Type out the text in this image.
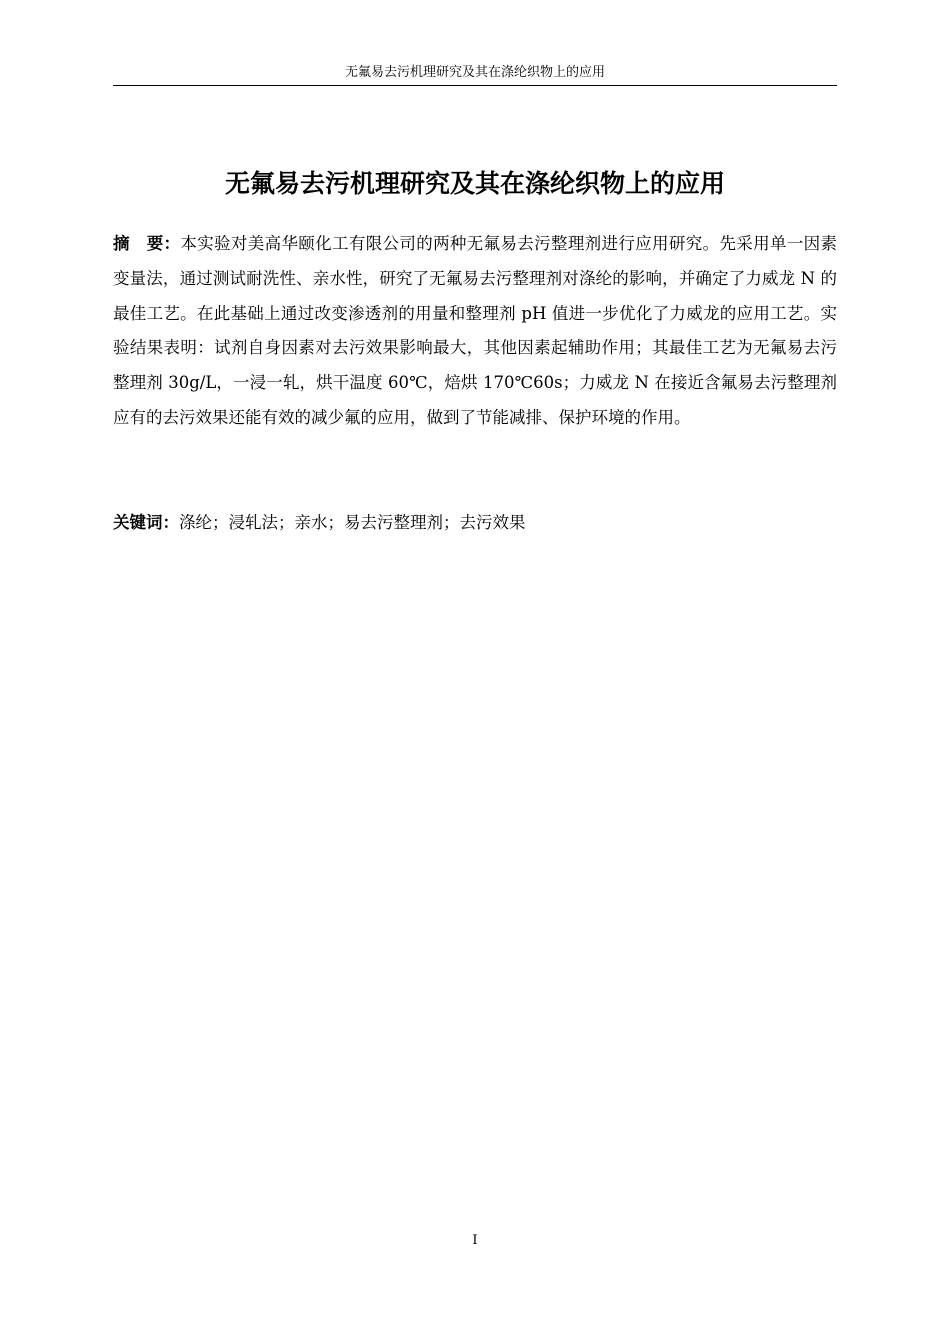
无氟易去污机理研究及其在涤纶织物上的应用
无氟易去污机理研究及其在涤纶织物上的应用

摘　要：本实验对美高华颐化工有限公司的两种无氟易去污整理剂进行应用研究。先采用单一因素变量法，通过测试耐洗性、亲水性，研究了无氟易去污整理剂对涤纶的影响，并确定了力威龙 N 的最佳工艺。在此基础上通过改变渗透剂的用量和整理剂 pH 值进一步优化了力威龙的应用工艺。实验结果表明：试剂自身因素对去污效果影响最大，其他因素起辅助作用；其最佳工艺为无氟易去污整理剂 30g/L，一浸一轧，烘干温度 60℃，焙烘 170℃60s；力威龙 N 在接近含氟易去污整理剂应有的去污效果还能有效的减少氟的应用，做到了节能减排、保护环境的作用。

关键词：涤纶；浸轧法；亲水；易去污整理剂；去污效果

I
